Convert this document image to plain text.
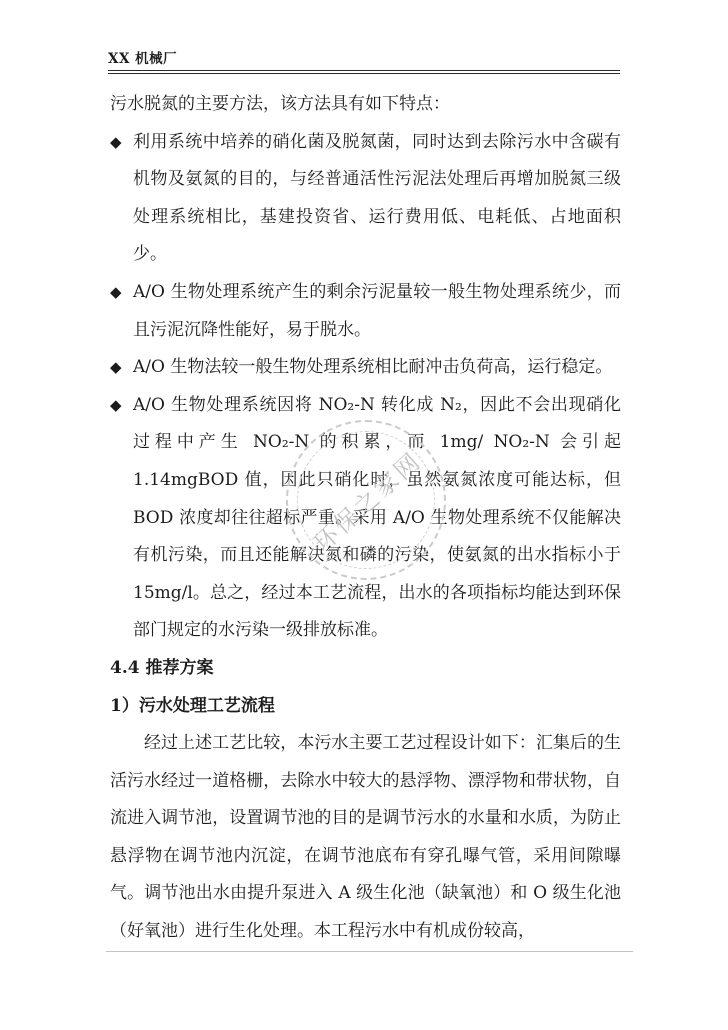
XX 机械厂

污水脱氮的主要方法，该方法具有如下特点：

◆ 利用系统中培养的硝化菌及脱氮菌，同时达到去除污水中含碳有机物及氨氮的目的，与经普通活性污泥法处理后再增加脱氮三级处理系统相比，基建投资省、运行费用低、电耗低、占地面积少。
◆ A/O 生物处理系统产生的剩余污泥量较一般生物处理系统少，而且污泥沉降性能好，易于脱水。
◆ A/O 生物法较一般生物处理系统相比耐冲击负荷高，运行稳定。
◆ A/O 生物处理系统因将 NO₂-N 转化成 N₂，因此不会出现硝化过程中产生 NO₂-N 的积累，而 1mg/ NO₂-N 会引起 1.14mgBOD 值，因此只硝化时，虽然氨氮浓度可能达标，但 BOD 浓度却往往超标严重。采用 A/O 生物处理系统不仅能解决有机污染，而且还能解决氮和磷的污染，使氨氮的出水指标小于 15mg/l。总之，经过本工艺流程，出水的各项指标均能达到环保部门规定的水污染一级排放标准。
4.4 推荐方案
1）污水处理工艺流程

经过上述工艺比较，本污水主要工艺过程设计如下：汇集后的生活污水经过一道格栅，去除水中较大的悬浮物、漂浮物和带状物，自流进入调节池，设置调节池的目的是调节污水的水量和水质，为防止悬浮物在调节池内沉淀，在调节池底布有穿孔曝气管，采用间隙曝气。调节池出水由提升泵进入 A 级生化池（缺氧池）和 O 级生化池（好氧池）进行生化处理。本工程污水中有机成份较高，

环保之家网
